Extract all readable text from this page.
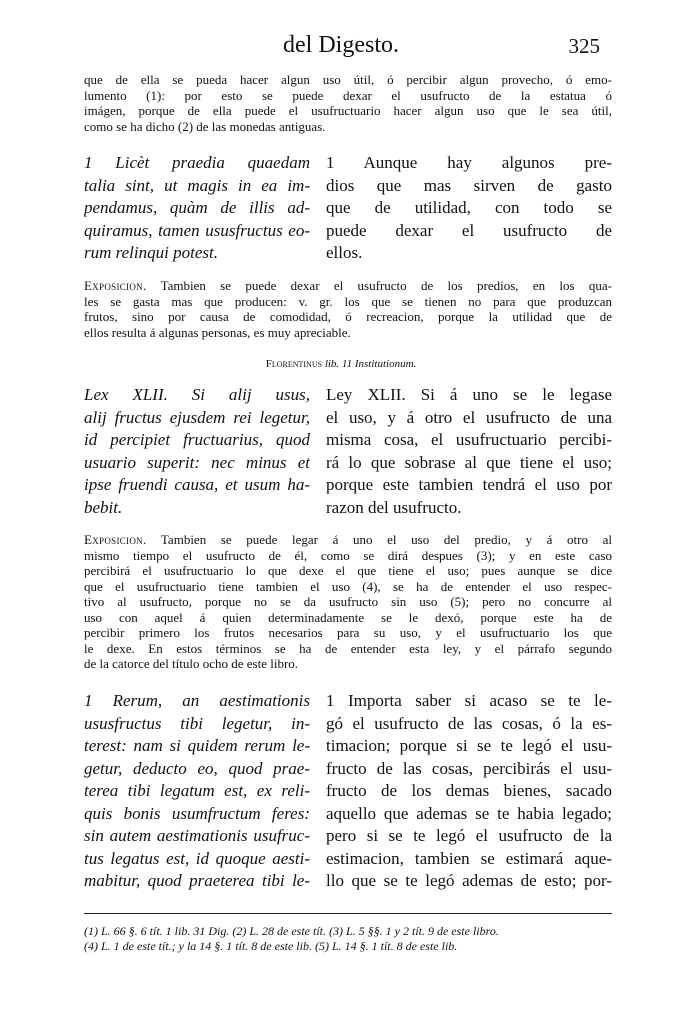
del Digesto.	325
que de ella se pueda hacer algun uso útil, ó percibir algun provecho, ó emo-
lumento (1): por esto se puede dexar el usufructo de la estatua ó
imágen, porque de ella puede el usufructuario hacer algun uso que le sea útil,
como se ha dicho (2) de las monedas antiguas.
1 Licèt praedia quaedam
talia sint, ut magis in ea im-
pendamus, quàm de illis ad-
quiramus, tamen ususfructus eo-
rum relinqui potest.
1 Aunque hay algunos pre-
dios que mas sirven de gasto
que de utilidad, con todo se
puede dexar el usufructo de
ellos.
Exposicion. Tambien se puede dexar el usufructo de los predios, en los qua-
les se gasta mas que producen: v. gr. los que se tienen no para que produzcan
frutos, sino por causa de comodidad, ó recreacion, porque la utilidad que de
ellos resulta á algunas personas, es muy apreciable.
Florentinus lib. 11 Institutionum.
Lex XLII. Si alij usus,
alij fructus ejusdem rei legetur,
id percipiet fructuarius, quod
usuario superit: nec minus et
ipse fruendi causa, et usum ha-
bebit.
Ley XLII. Si á uno se le legase
el uso, y á otro el usufructo de una
misma cosa, el usufructuario percibi-
rá lo que sobrase al que tiene el uso;
porque este tambien tendrá el uso por
razon del usufructo.
Exposicion. Tambien se puede legar á uno el uso del predio, y á otro al
mismo tiempo el usufructo de él, como se dirá despues (3); y en este caso
percibirá el usufructuario lo que dexe el que tiene el uso; pues aunque se dice
que el usufructuario tiene tambien el uso (4), se ha de entender el uso respec-
tivo al usufructo, porque no se da usufructo sin uso (5); pero no concurre al
uso con aquel á quien determinadamente se le dexó, porque este ha de
percibir primero los frutos necesarios para su uso, y el usufructuario los que
le dexe. En estos términos se ha de entender esta ley, y el párrafo segundo
de la catorce del título ocho de este libro.
1 Rerum, an aestimationis
ususfructus tibi legetur, in-
terest: nam si quidem rerum le-
getur, deducto eo, quod prae-
terea tibi legatum est, ex reli-
quis bonis usumfructum feres:
sin autem aestimationis usufruc-
tus legatus est, id quoque aesti-
mabitur, quod praeterea tibi le-
1 Importa saber si acaso se te le-
gó el usufructo de las cosas, ó la es-
timacion; porque si se te legó el usu-
fructo de las cosas, percibirás el usu-
fructo de los demas bienes, sacado
aquello que ademas se te habia legado;
pero si se te legó el usufructo de la
estimacion, tambien se estimará aque-
llo que se te legó ademas de esto; por-
(1) L. 66 §. 6 tít. 1 lib. 31 Dig. (2) L. 28 de este tít. (3) L. 5 §§. 1 y 2 tít. 9 de este libro.
(4) L. 1 de este tít.; y la 14 §. 1 tít. 8 de este lib. (5) L. 14 §. 1 tít. 8 de este lib.
